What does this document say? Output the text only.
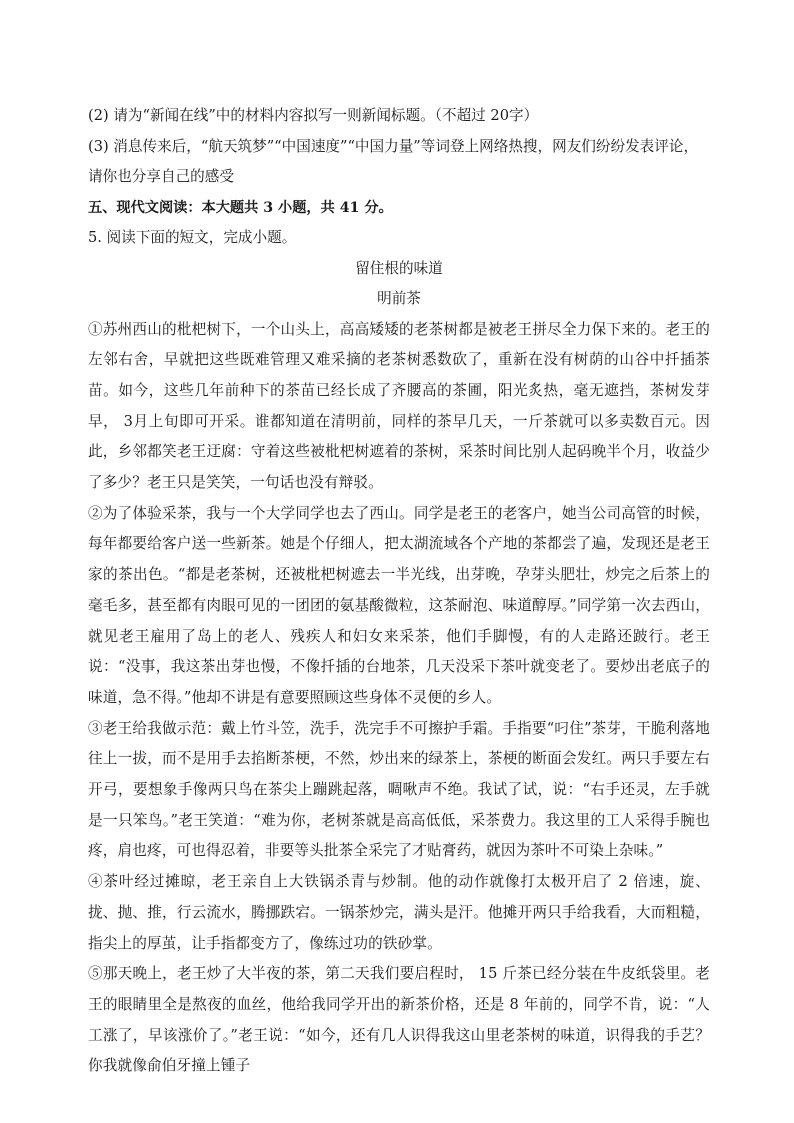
(2) 请为“新闻在线”中的材料内容拟写一则新闻标题。（不超过 20字）

(3) 消息传来后，“航天筑梦”“中国速度”“中国力量”等词登上网络热搜，网友们纷纷发表评论，请你也分享自己的感受

五、现代文阅读：本大题共 3 小题，共 41 分。

5. 阅读下面的短文，完成小题。

留住根的味道

明前茶

①苏州西山的枇杷树下，一个山头上，高高矮矮的老茶树都是被老王拼尽全力保下来的。老王的左邻右舍，早就把这些既难管理又难采摘的老茶树悉数砍了，重新在没有树荫的山谷中扦插茶苗。如今，这些几年前种下的茶苗已经长成了齐腰高的茶圃，阳光炙热，毫无遮挡，茶树发芽早， 3月上旬即可开采。谁都知道在清明前，同样的茶早几天，一斤茶就可以多卖数百元。因此，乡邻都笑老王迂腐：守着这些被枇杷树遮着的茶树，采茶时间比别人起码晚半个月，收益少了多少？老王只是笑笑，一句话也没有辩驳。

②为了体验采茶，我与一个大学同学也去了西山。同学是老王的老客户，她当公司高管的时候，每年都要给客户送一些新茶。她是个仔细人，把太湖流域各个产地的茶都尝了遍，发现还是老王家的茶出色。“都是老茶树，还被枇杷树遮去一半光线，出芽晚，孕芽头肥壮，炒完之后茶上的毫毛多，甚至都有肉眼可见的一团团的氨基酸微粒，这茶耐泡、味道醇厚。”同学第一次去西山，就见老王雇用了岛上的老人、残疾人和妇女来采茶，他们手脚慢，有的人走路还跛行。老王说：“没事，我这茶出芽也慢，不像扦插的台地茶，几天没采下茶叶就变老了。要炒出老底子的味道，急不得。”他却不讲是有意要照顾这些身体不灵便的乡人。

③老王给我做示范：戴上竹斗笠，洗手，洗完手不可擦护手霜。手指要“叼住”茶芽，干脆利落地往上一拔，而不是用手去掐断茶梗，不然，炒出来的绿茶上，茶梗的断面会发红。两只手要左右开弓，要想象手像两只鸟在茶尖上蹦跳起落，啁啾声不绝。我试了试，说：“右手还灵，左手就是一只笨鸟。”老王笑道：“难为你，老树茶就是高高低低，采茶费力。我这里的工人采得手腕也疼，肩也疼，可也得忍着，非要等头批茶全采完了才贴膏药，就因为茶叶不可染上杂味。”

④茶叶经过摊晾，老王亲自上大铁锅杀青与炒制。他的动作就像打太极开启了 2 倍速，旋、拢、抛、推，行云流水，腾挪跌宕。一锅茶炒完，满头是汗。他摊开两只手给我看，大而粗糙，指尖上的厚茧，让手指都变方了，像练过功的铁砂掌。

⑤那天晚上，老王炒了大半夜的茶，第二天我们要启程时， 15 斤茶已经分装在牛皮纸袋里。老王的眼睛里全是熬夜的血丝，他给我同学开出的新茶价格，还是 8 年前的，同学不肯，说：“人工涨了，早该涨价了。”老王说：“如今，还有几人识得我这山里老茶树的味道，识得我的手艺？你我就像俞伯牙撞上锺子
